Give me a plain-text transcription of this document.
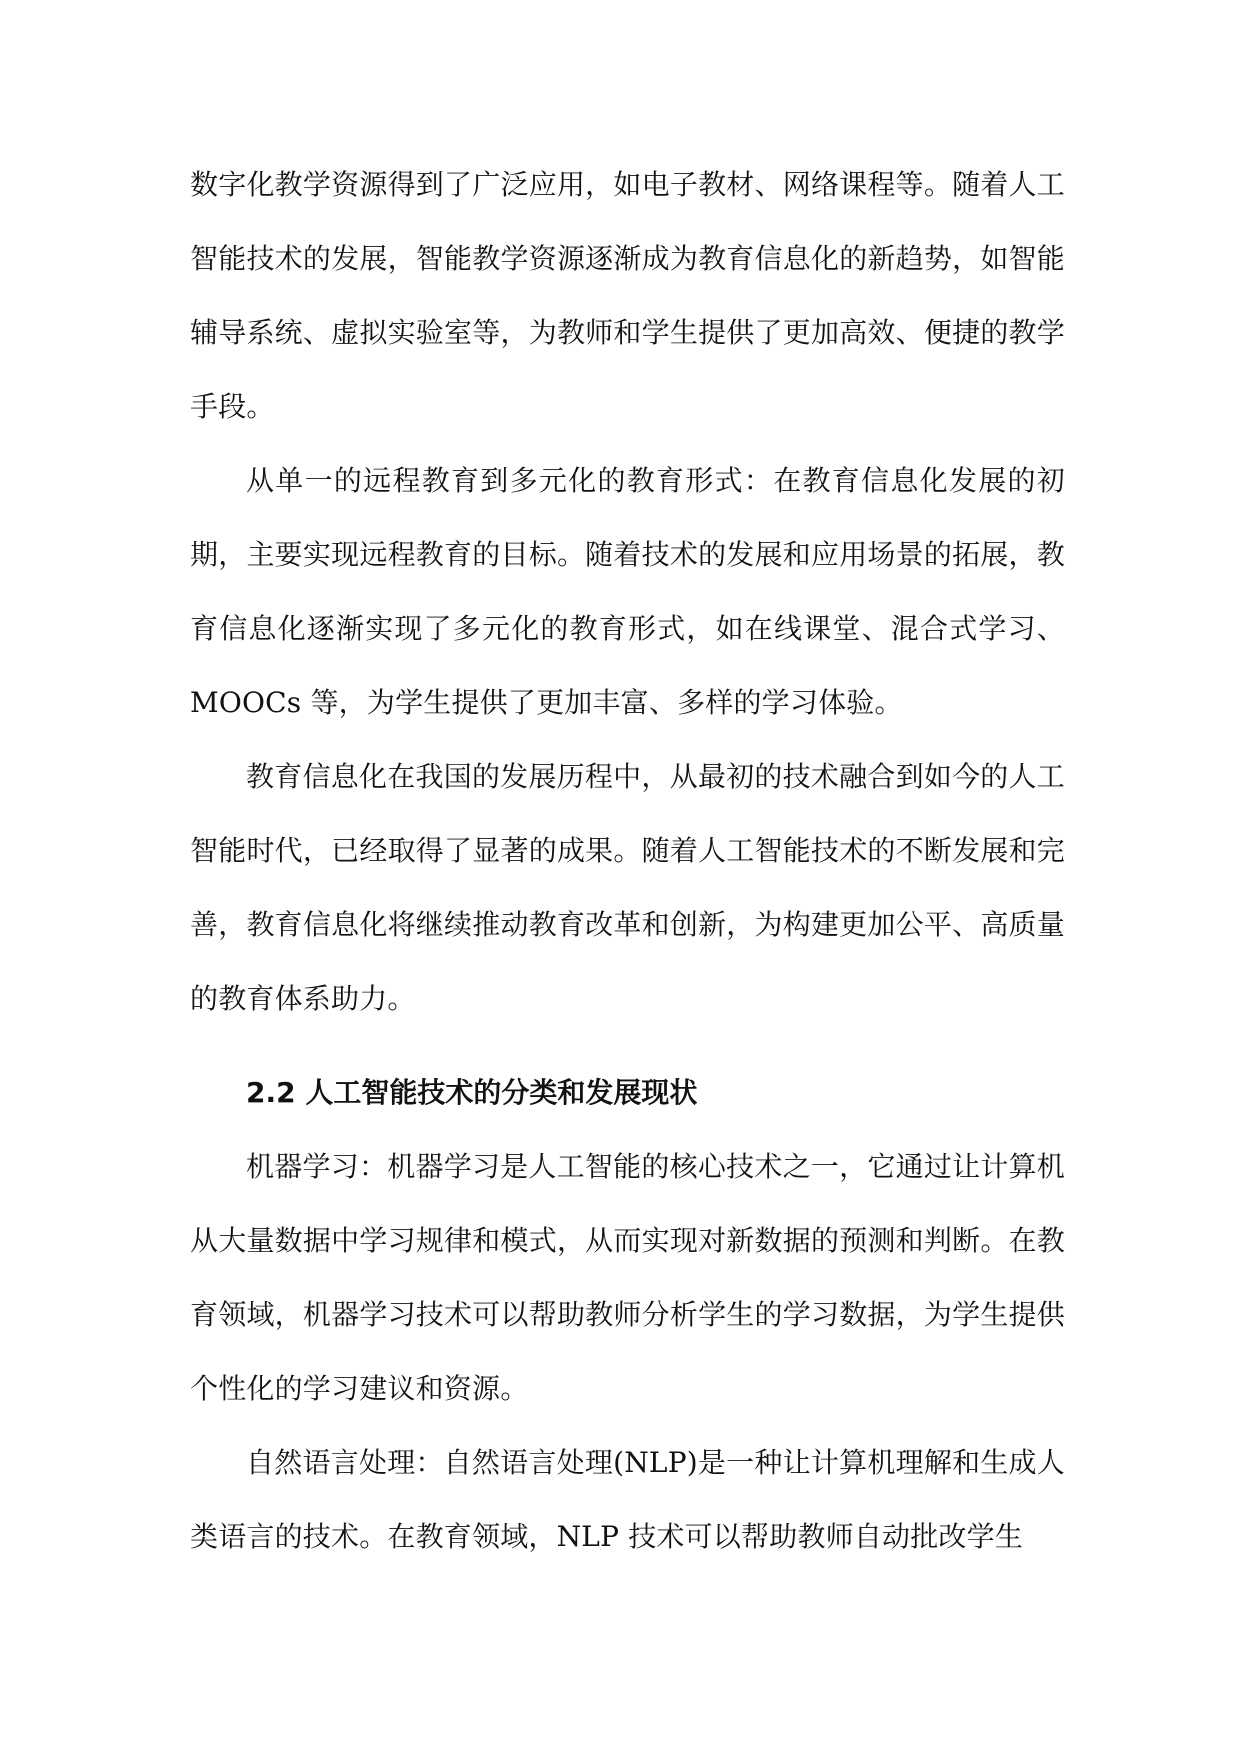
数字化教学资源得到了广泛应用，如电子教材、网络课程等。随着人工智能技术的发展，智能教学资源逐渐成为教育信息化的新趋势，如智能辅导系统、虚拟实验室等，为教师和学生提供了更加高效、便捷的教学手段。

从单一的远程教育到多元化的教育形式：在教育信息化发展的初期，主要实现远程教育的目标。随着技术的发展和应用场景的拓展，教育信息化逐渐实现了多元化的教育形式，如在线课堂、混合式学习、MOOCs 等，为学生提供了更加丰富、多样的学习体验。

教育信息化在我国的发展历程中，从最初的技术融合到如今的人工智能时代，已经取得了显著的成果。随着人工智能技术的不断发展和完善，教育信息化将继续推动教育改革和创新，为构建更加公平、高质量的教育体系助力。

2.2 人工智能技术的分类和发展现状

机器学习：机器学习是人工智能的核心技术之一，它通过让计算机从大量数据中学习规律和模式，从而实现对新数据的预测和判断。在教育领域，机器学习技术可以帮助教师分析学生的学习数据，为学生提供个性化的学习建议和资源。

自然语言处理：自然语言处理(NLP)是一种让计算机理解和生成人类语言的技术。在教育领域，NLP 技术可以帮助教师自动批改学生
